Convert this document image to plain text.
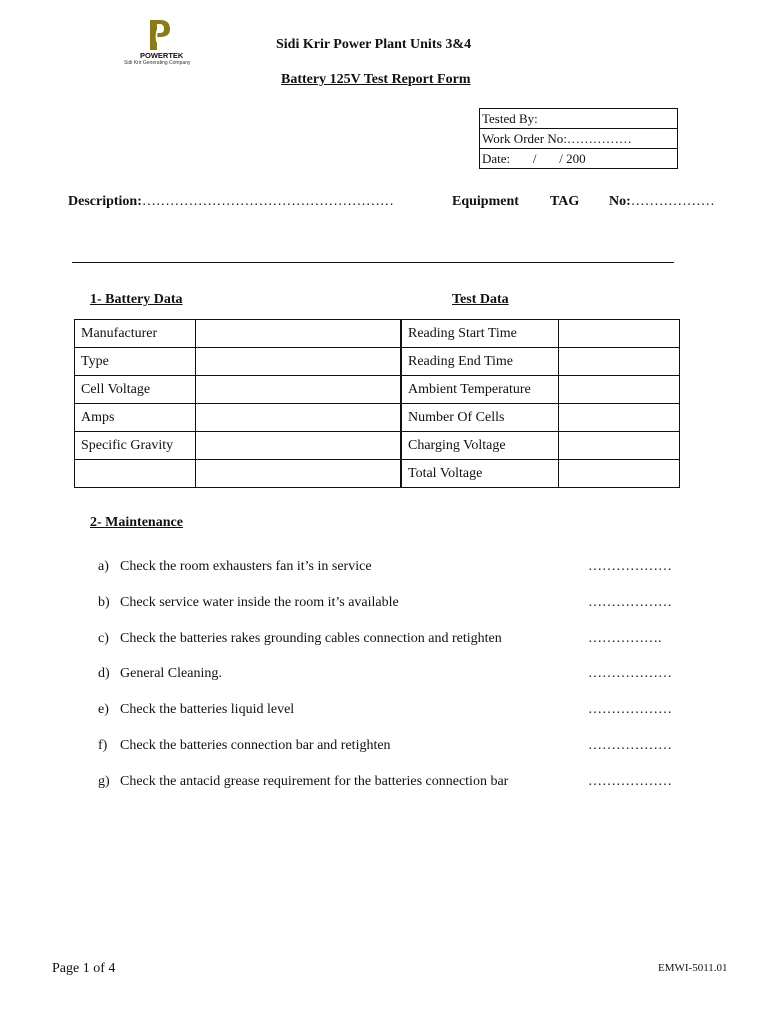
POWERTEK
Sidi Krir Generating Company
Sidi Krir Power Plant Units 3&4
Battery 125V Test Report Form
Tested By:
Work Order No:……………
Date:       /       / 200
Description:………………………………………………	Equipment TAG No:………………
1- Battery Data	Test Data
Manufacturer		Reading Start Time	
Type		Reading End Time	
Cell Voltage		Ambient Temperature	
Amps		Number Of Cells	
Specific Gravity		Charging Voltage	
		Total Voltage	
2- Maintenance
a) Check the room exhausters fan it’s in service	………………
b) Check service water inside the room it’s available	………………
c) Check the batteries rakes grounding cables connection and retighten	…………….
d) General Cleaning.	………………
e) Check the batteries liquid level	………………
f) Check the batteries connection bar and retighten	………………
g) Check the antacid grease requirement for the batteries connection bar	………………
Page 1 of 4	EMWI-5011.01
